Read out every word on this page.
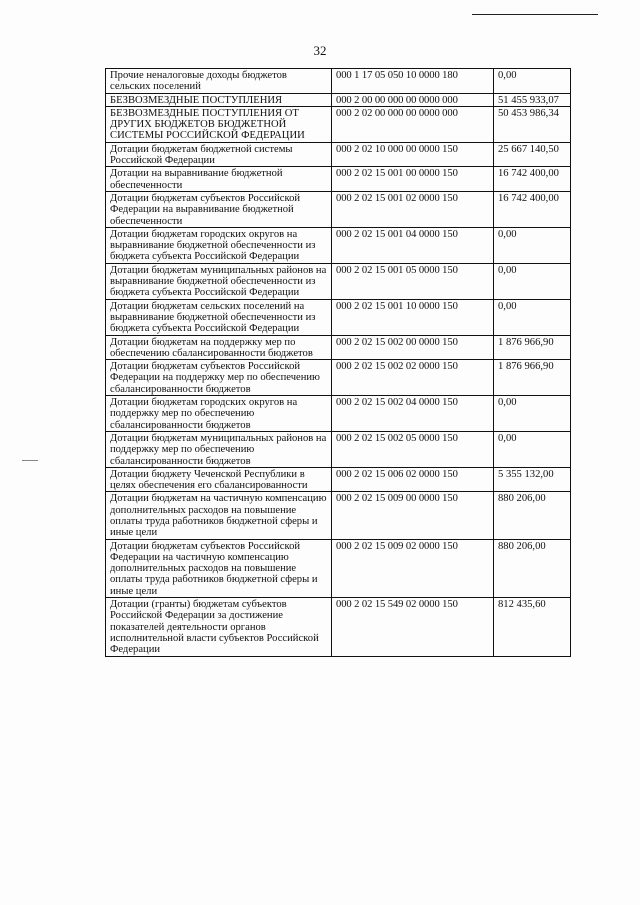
32
Прочие неналоговые доходы бюджетов сельских поселений	000 1 17 05 050 10 0000 180	0,00
БЕЗВОЗМЕЗДНЫЕ ПОСТУПЛЕНИЯ	000 2 00 00 000 00 0000 000	51 455 933,07
БЕЗВОЗМЕЗДНЫЕ ПОСТУПЛЕНИЯ ОТ ДРУГИХ БЮДЖЕТОВ БЮДЖЕТНОЙ СИСТЕМЫ РОССИЙСКОЙ ФЕДЕРАЦИИ	000 2 02 00 000 00 0000 000	50 453 986,34
Дотации бюджетам бюджетной системы Российской Федерации	000 2 02 10 000 00 0000 150	25 667 140,50
Дотации на выравнивание бюджетной обеспеченности	000 2 02 15 001 00 0000 150	16 742 400,00
Дотации бюджетам субъектов Российской Федерации на выравнивание бюджетной обеспеченности	000 2 02 15 001 02 0000 150	16 742 400,00
Дотации бюджетам городских округов на выравнивание бюджетной обеспеченности из бюджета субъекта Российской Федерации	000 2 02 15 001 04 0000 150	0,00
Дотации бюджетам муниципальных районов на выравнивание бюджетной обеспеченности из бюджета субъекта Российской Федерации	000 2 02 15 001 05 0000 150	0,00
Дотации бюджетам сельских поселений на выравнивание бюджетной обеспеченности из бюджета субъекта Российской Федерации	000 2 02 15 001 10 0000 150	0,00
Дотации бюджетам на поддержку мер по обеспечению сбалансированности бюджетов	000 2 02 15 002 00 0000 150	1 876 966,90
Дотации бюджетам субъектов Российской Федерации на поддержку мер по обеспечению сбалансированности бюджетов	000 2 02 15 002 02 0000 150	1 876 966,90
Дотации бюджетам городских округов на поддержку мер по обеспечению сбалансированности бюджетов	000 2 02 15 002 04 0000 150	0,00
Дотации бюджетам муниципальных районов на поддержку мер по обеспечению сбалансированности бюджетов	000 2 02 15 002 05 0000 150	0,00
Дотации бюджету Чеченской Республики в целях обеспечения его сбалансированности	000 2 02 15 006 02 0000 150	5 355 132,00
Дотации бюджетам на частичную компенсацию дополнительных расходов на повышение оплаты труда работников бюджетной сферы и иные цели	000 2 02 15 009 00 0000 150	880 206,00
Дотации бюджетам субъектов Российской Федерации на частичную компенсацию дополнительных расходов на повышение оплаты труда работников бюджетной сферы и иные цели	000 2 02 15 009 02 0000 150	880 206,00
Дотации (гранты) бюджетам субъектов Российской Федерации за достижение показателей деятельности органов исполнительной власти субъектов Российской Федерации	000 2 02 15 549 02 0000 150	812 435,60
